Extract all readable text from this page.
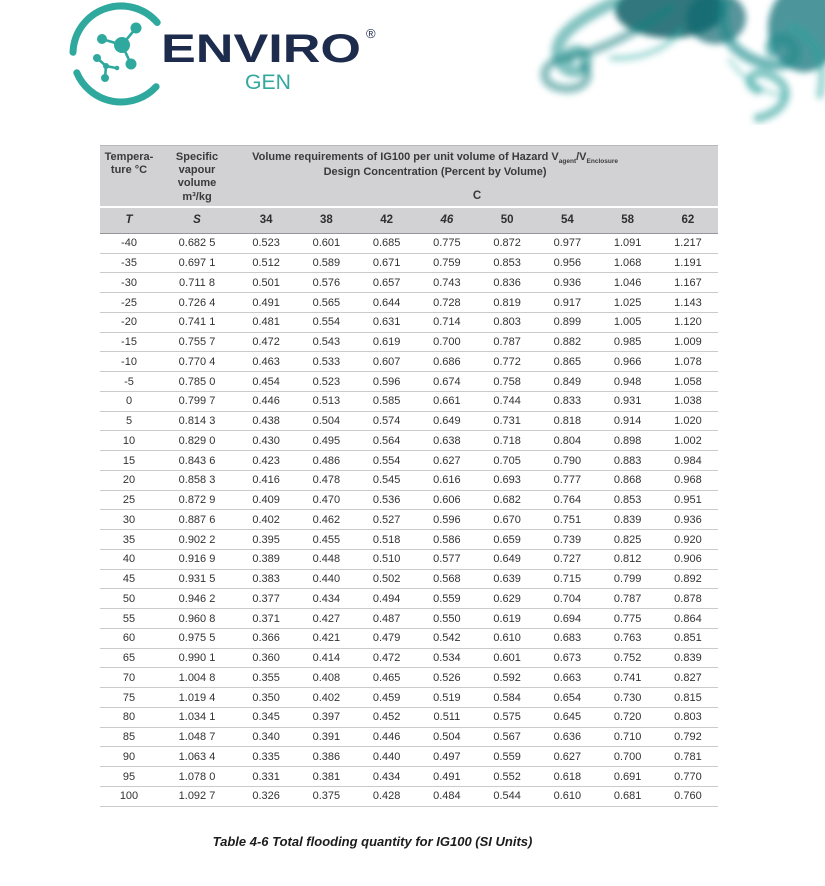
ENVIRO ®
GEN
Tempera-
ture °C

Specific
vapour
volume
m³/kg

Volume requirements of IG100 per unit volume of Hazard $V_{agent}/V_{Enclosure}$
Design Concentration (Percent by Volume)
C

T	S	34	38	42	46	50	54	58	62
-40	0.682 5	0.523	0.601	0.685	0.775	0.872	0.977	1.091	1.217
-35	0.697 1	0.512	0.589	0.671	0.759	0.853	0.956	1.068	1.191
-30	0.711 8	0.501	0.576	0.657	0.743	0.836	0.936	1.046	1.167
-25	0.726 4	0.491	0.565	0.644	0.728	0.819	0.917	1.025	1.143
-20	0.741 1	0.481	0.554	0.631	0.714	0.803	0.899	1.005	1.120
-15	0.755 7	0.472	0.543	0.619	0.700	0.787	0.882	0.985	1.009
-10	0.770 4	0.463	0.533	0.607	0.686	0.772	0.865	0.966	1.078
-5	0.785 0	0.454	0.523	0.596	0.674	0.758	0.849	0.948	1.058
0	0.799 7	0.446	0.513	0.585	0.661	0.744	0.833	0.931	1.038
5	0.814 3	0.438	0.504	0.574	0.649	0.731	0.818	0.914	1.020
10	0.829 0	0.430	0.495	0.564	0.638	0.718	0.804	0.898	1.002
15	0.843 6	0.423	0.486	0.554	0.627	0.705	0.790	0.883	0.984
20	0.858 3	0.416	0.478	0.545	0.616	0.693	0.777	0.868	0.968
25	0.872 9	0.409	0.470	0.536	0.606	0.682	0.764	0.853	0.951
30	0.887 6	0.402	0.462	0.527	0.596	0.670	0.751	0.839	0.936
35	0.902 2	0.395	0.455	0.518	0.586	0.659	0.739	0.825	0.920
40	0.916 9	0.389	0.448	0.510	0.577	0.649	0.727	0.812	0.906
45	0.931 5	0.383	0.440	0.502	0.568	0.639	0.715	0.799	0.892
50	0.946 2	0.377	0.434	0.494	0.559	0.629	0.704	0.787	0.878
55	0.960 8	0.371	0.427	0.487	0.550	0.619	0.694	0.775	0.864
60	0.975 5	0.366	0.421	0.479	0.542	0.610	0.683	0.763	0.851
65	0.990 1	0.360	0.414	0.472	0.534	0.601	0.673	0.752	0.839
70	1.004 8	0.355	0.408	0.465	0.526	0.592	0.663	0.741	0.827
75	1.019 4	0.350	0.402	0.459	0.519	0.584	0.654	0.730	0.815
80	1.034 1	0.345	0.397	0.452	0.511	0.575	0.645	0.720	0.803
85	1.048 7	0.340	0.391	0.446	0.504	0.567	0.636	0.710	0.792
90	1.063 4	0.335	0.386	0.440	0.497	0.559	0.627	0.700	0.781
95	1.078 0	0.331	0.381	0.434	0.491	0.552	0.618	0.691	0.770
100	1.092 7	0.326	0.375	0.428	0.484	0.544	0.610	0.681	0.760
Table 4-6 Total flooding quantity for IG100 (SI Units)
